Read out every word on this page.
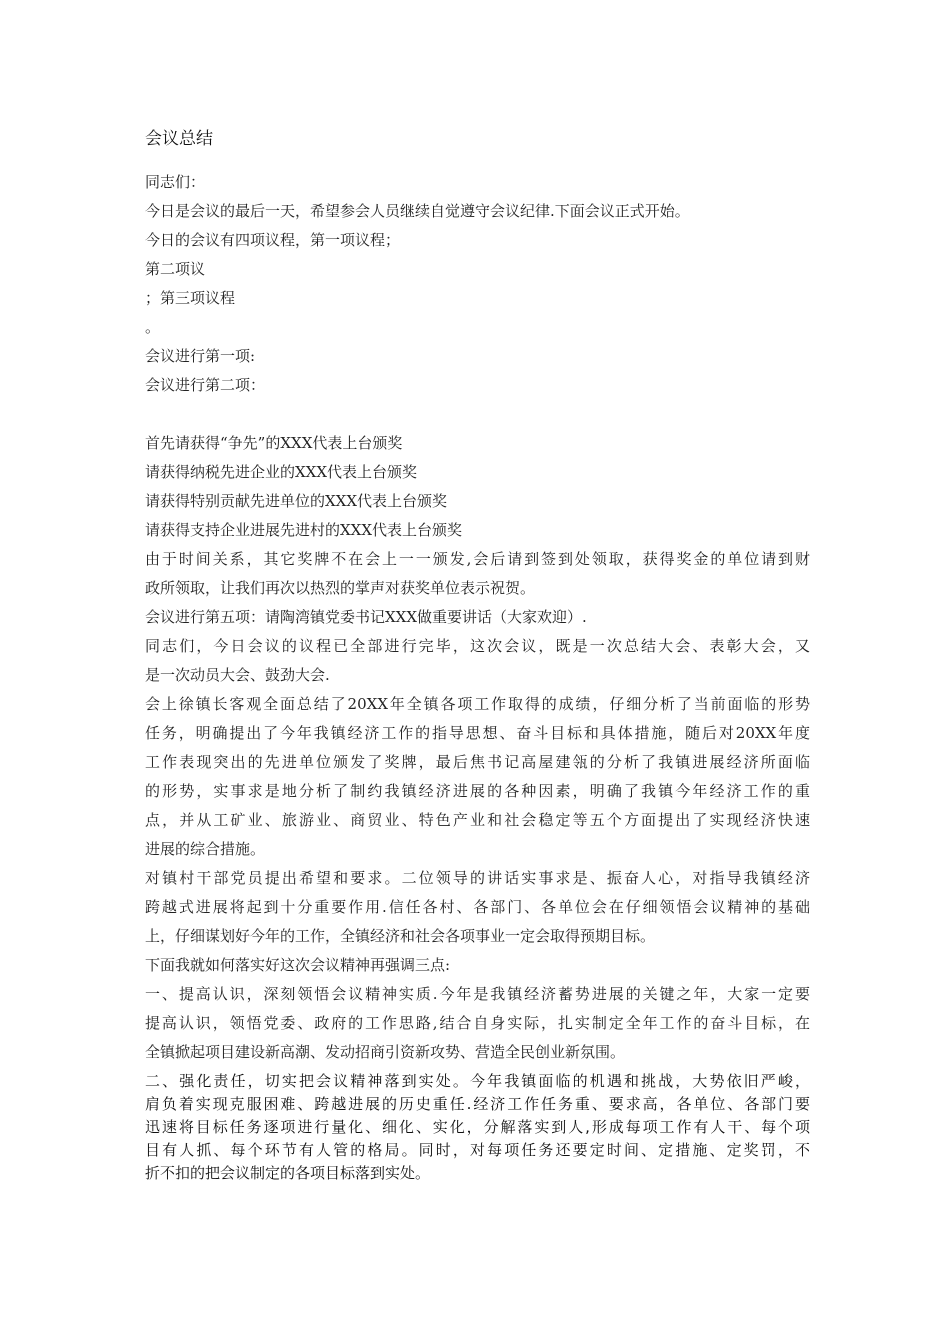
会议总结
同志们：
今日是会议的最后一天，希望参会人员继续自觉遵守会议纪律.下面会议正式开始。
今日的会议有四项议程，第一项议程；
第二项议
；第三项议程
。
会议进行第一项:
会议进行第二项：
首先请获得“争先”的XXX代表上台颁奖
请获得纳税先进企业的XXX代表上台颁奖
请获得特别贡献先进单位的XXX代表上台颁奖
请获得支持企业进展先进村的XXX代表上台颁奖
由于时间关系，其它奖牌不在会上一一颁发,会后请到签到处领取，获得奖金的单位请到财
政所领取，让我们再次以热烈的掌声对获奖单位表示祝贺。
会议进行第五项：请陶湾镇党委书记XXX做重要讲话（大家欢迎）.
同志们，今日会议的议程已全部进行完毕，这次会议，既是一次总结大会、表彰大会，又
是一次动员大会、鼓劲大会.
会上徐镇长客观全面总结了20XX年全镇各项工作取得的成绩，仔细分析了当前面临的形势
任务，明确提出了今年我镇经济工作的指导思想、奋斗目标和具体措施，随后对20XX年度
工作表现突出的先进单位颁发了奖牌，最后焦书记高屋建瓴的分析了我镇进展经济所面临
的形势，实事求是地分析了制约我镇经济进展的各种因素，明确了我镇今年经济工作的重
点，并从工矿业、旅游业、商贸业、特色产业和社会稳定等五个方面提出了实现经济快速
进展的综合措施。
对镇村干部党员提出希望和要求。二位领导的讲话实事求是、振奋人心，对指导我镇经济
跨越式进展将起到十分重要作用.信任各村、各部门、各单位会在仔细领悟会议精神的基础
上，仔细谋划好今年的工作，全镇经济和社会各项事业一定会取得预期目标。
下面我就如何落实好这次会议精神再强调三点:
一、提高认识，深刻领悟会议精神实质.今年是我镇经济蓄势进展的关键之年，大家一定要
提高认识，领悟党委、政府的工作思路,结合自身实际，扎实制定全年工作的奋斗目标，在
全镇掀起项目建设新高潮、发动招商引资新攻势、营造全民创业新氛围。
二、强化责任，切实把会议精神落到实处。今年我镇面临的机遇和挑战，大势依旧严峻，
肩负着实现克服困难、跨越进展的历史重任.经济工作任务重、要求高，各单位、各部门要
迅速将目标任务逐项进行量化、细化、实化，分解落实到人,形成每项工作有人干、每个项
目有人抓、每个环节有人管的格局。同时，对每项任务还要定时间、定措施、定奖罚，不
折不扣的把会议制定的各项目标落到实处。
